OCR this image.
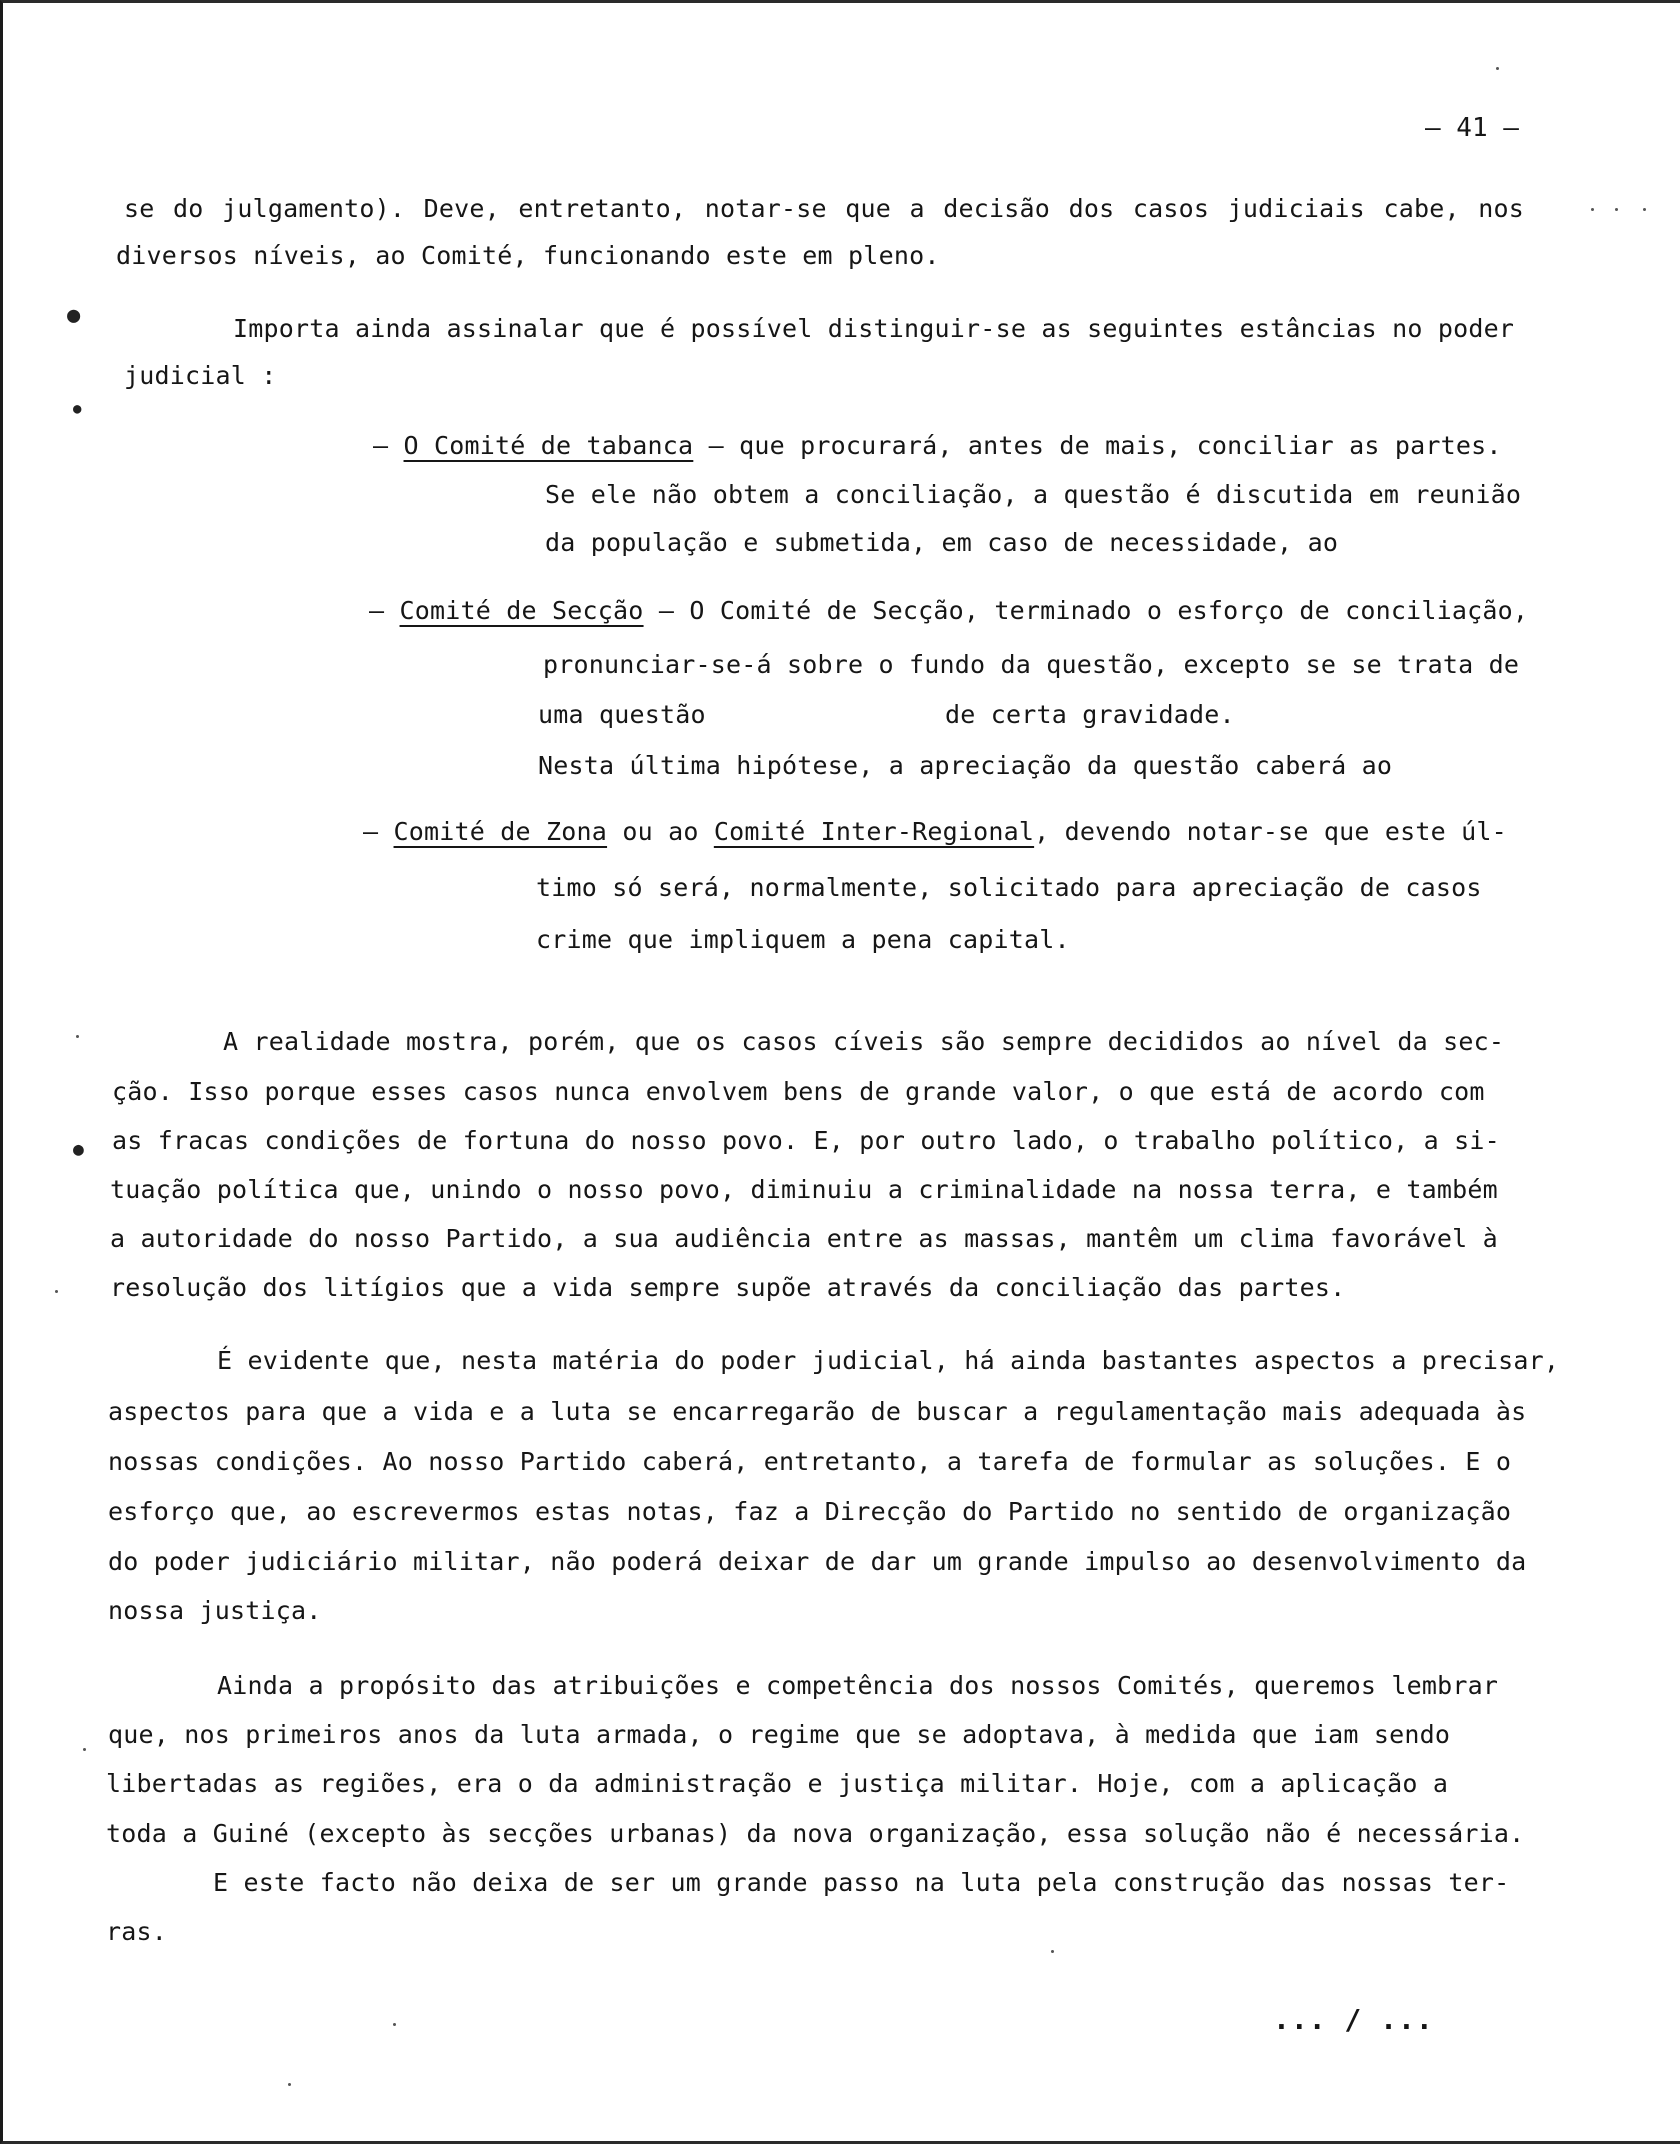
– 41 –
se do julgamento). Deve, entretanto, notar-se que a decisão dos casos judiciais cabe, nos
diversos níveis, ao Comité, funcionando este em pleno.
●
●
●
Importa ainda assinalar que é possível distinguir-se as seguintes estâncias no poder
judicial :
– O Comité de tabanca – que procurará, antes de mais, conciliar as partes.
Se ele não obtem a conciliação, a questão é discutida em reunião
da população e submetida, em caso de necessidade, ao
– Comité de Secção – O Comité de Secção, terminado o esforço de conciliação,
pronunciar-se-á sobre o fundo da questão, excepto se se trata de
uma questão	de certa gravidade.
Nesta última hipótese, a apreciação da questão caberá ao
– Comité de Zona ou ao Comité Inter-Regional, devendo notar-se que este úl-
timo só será, normalmente, solicitado para apreciação de casos
crime que impliquem a pena capital.
A realidade mostra, porém, que os casos cíveis são sempre decididos ao nível da sec-
ção. Isso porque esses casos nunca envolvem bens de grande valor, o que está de acordo com
as fracas condições de fortuna do nosso povo. E, por outro lado, o trabalho político, a si-
tuação política que, unindo o nosso povo, diminuiu a criminalidade na nossa terra, e também
a autoridade do nosso Partido, a sua audiência entre as massas, mantêm um clima favorável à
resolução dos litígios que a vida sempre supõe através da conciliação das partes.
É evidente que, nesta matéria do poder judicial, há ainda bastantes aspectos a precisar,
aspectos para que a vida e a luta se encarregarão de buscar a regulamentação mais adequada às
nossas condições. Ao nosso Partido caberá, entretanto, a tarefa de formular as soluções. E o
esforço que, ao escrevermos estas notas, faz a Direcção do Partido no sentido de organização
do poder judiciário militar, não poderá deixar de dar um grande impulso ao desenvolvimento da
nossa justiça.
Ainda a propósito das atribuições e competência dos nossos Comités, queremos lembrar
que, nos primeiros anos da luta armada, o regime que se adoptava, à medida que iam sendo
libertadas as regiões, era o da administração e justiça militar. Hoje, com a aplicação a
toda a Guiné (excepto às secções urbanas) da nova organização, essa solução não é necessária.
E este facto não deixa de ser um grande passo na luta pela construção das nossas ter-
ras.
... / ...
